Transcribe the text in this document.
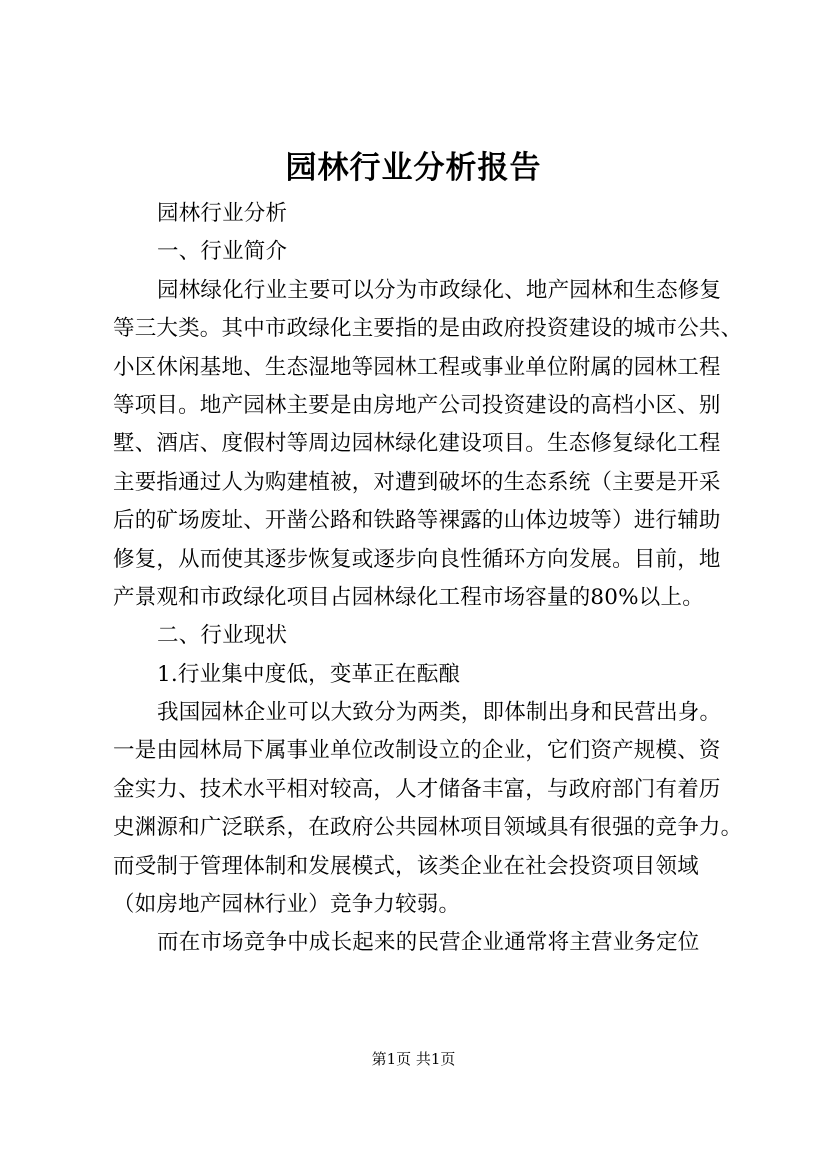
园林行业分析报告
园林行业分析
一、行业简介
园林绿化行业主要可以分为市政绿化、地产园林和生态修复
等三大类。其中市政绿化主要指的是由政府投资建设的城市公共、
小区休闲基地、生态湿地等园林工程或事业单位附属的园林工程
等项目。地产园林主要是由房地产公司投资建设的高档小区、别
墅、酒店、度假村等周边园林绿化建设项目。生态修复绿化工程
主要指通过人为购建植被，对遭到破坏的生态系统（主要是开采
后的矿场废址、开凿公路和铁路等裸露的山体边坡等）进行辅助
修复，从而使其逐步恢复或逐步向良性循环方向发展。目前，地
产景观和市政绿化项目占园林绿化工程市场容量的80%以上。
二、行业现状
1.行业集中度低，变革正在酝酿
我国园林企业可以大致分为两类，即体制出身和民营出身。
一是由园林局下属事业单位改制设立的企业，它们资产规模、资
金实力、技术水平相对较高，人才储备丰富，与政府部门有着历
史渊源和广泛联系，在政府公共园林项目领域具有很强的竞争力。
而受制于管理体制和发展模式，该类企业在社会投资项目领域
（如房地产园林行业）竞争力较弱。
而在市场竞争中成长起来的民营企业通常将主营业务定位
第1页 共1页
